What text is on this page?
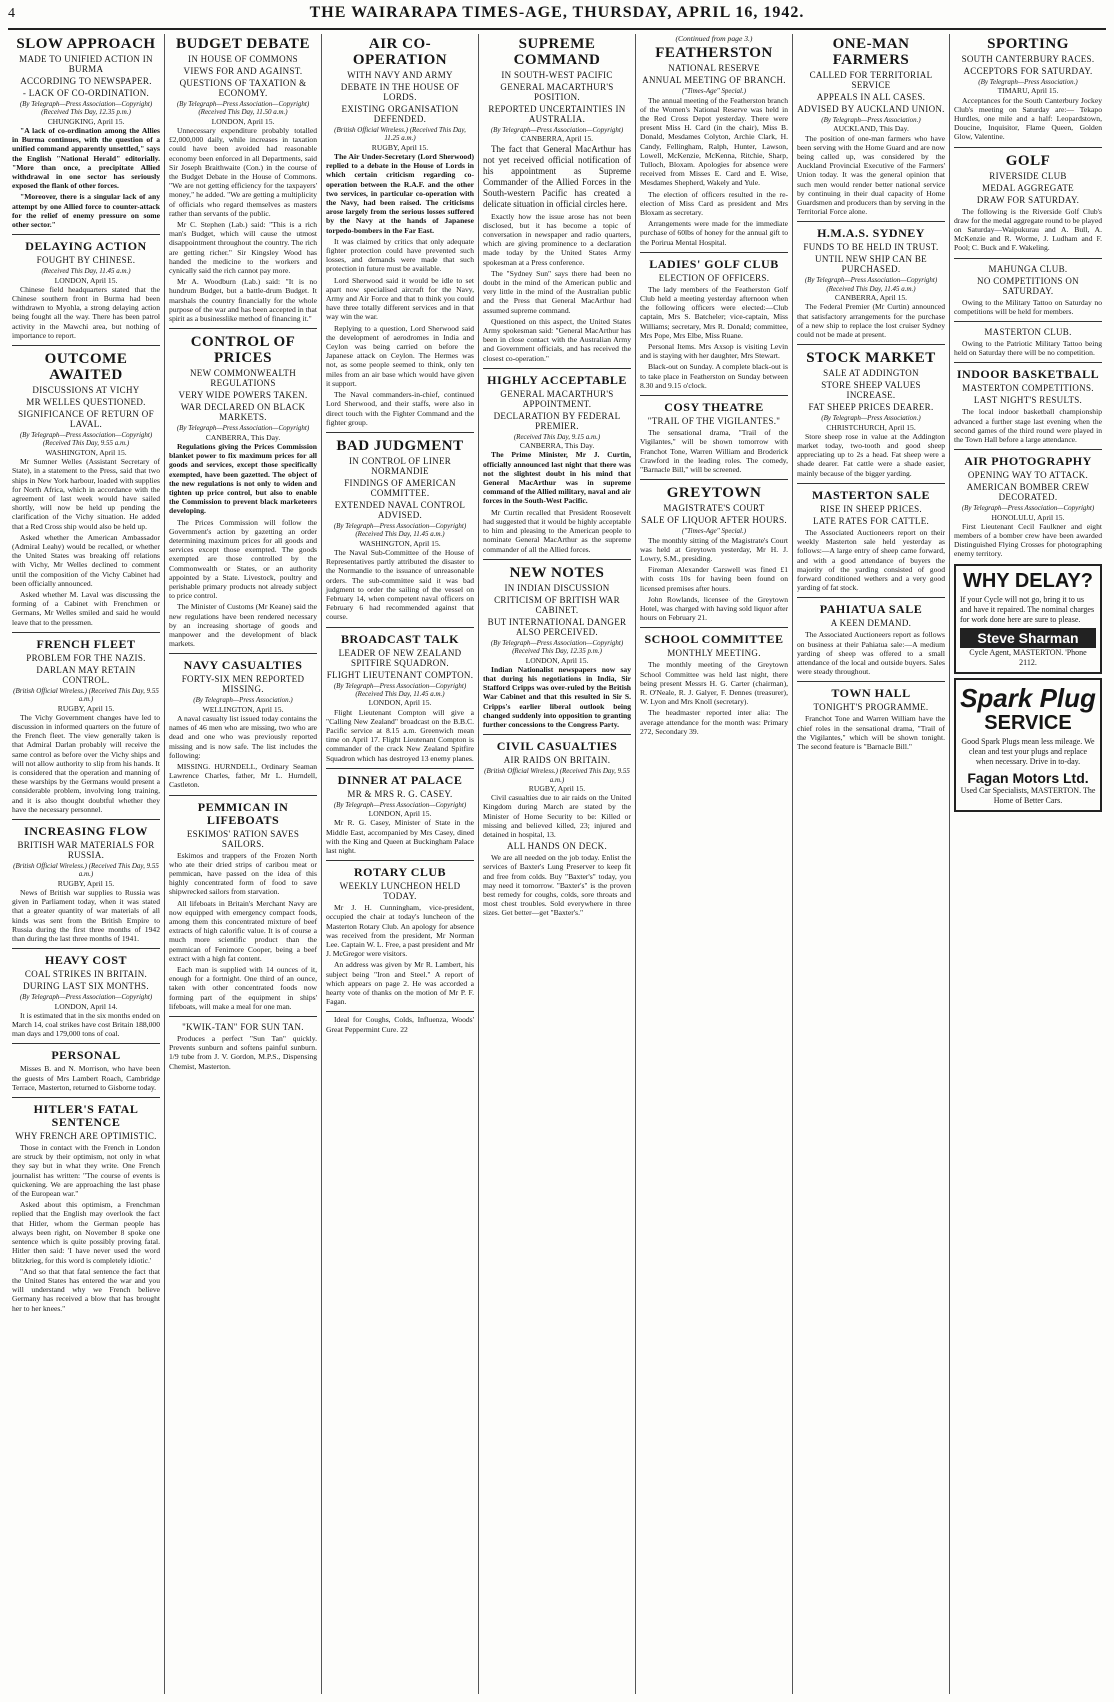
4	THE WAIRARAPA TIMES-AGE, THURSDAY, APRIL 16, 1942.
SLOW APPROACH
MADE TO UNIFIED ACTION IN BURMA
ACCORDING TO NEWSPAPER.
- LACK OF CO-ORDINATION.
(By Telegraph—Press Association—Copyright) (Received This Day, 12.35 p.m.)
CHUNGKING, April 15.

"A lack of co-ordination among the Allies in Burma continues, with the question of a unified command apparently unsettled," says the English "National Herald" editorially. "More than once, a precipitate Allied withdrawal in one sector has seriously exposed the flank of other forces.

"Moreover, there is a singular lack of any attempt by one Allied force to counter-attack for the relief of enemy pressure on some other sector."

DELAYING ACTION
FOUGHT BY CHINESE.
(Received This Day, 11.45 a.m.)
LONDON, April 15.

Chinese field headquarters stated that the Chinese southern front in Burma had been withdrawn to Myohla, a strong delaying action being fought all the way. There has been patrol activity in the Mawchi area, but nothing of importance to report.

OUTCOME AWAITED
DISCUSSIONS AT VICHY
MR WELLES QUESTIONED.
SIGNIFICANCE OF RETURN OF LAVAL.
(By Telegraph—Press Association—Copyright) (Received This Day, 9.55 a.m.)
WASHINGTON, April 15.

Mr Sumner Welles (Assistant Secretary of State), in a statement to the Press, said that two ships in New York harbour, loaded with supplies for North Africa, which in accordance with the agreement of last week would have sailed shortly, will now be held up pending the clarification of the Vichy situation. He added that a Red Cross ship would also be held up.

Asked whether the American Ambassador (Admiral Leahy) would be recalled, or whether the United States was breaking off relations with Vichy, Mr Welles declined to comment until the composition of the Vichy Cabinet had been officially announced.

Asked whether M. Laval was discussing the forming of a Cabinet with Frenchmen or Germans, Mr Welles smiled and said he would leave that to the pressmen.

FRENCH FLEET
PROBLEM FOR THE NAZIS.
DARLAN MAY RETAIN CONTROL.
(British Official Wireless.) (Received This Day, 9.55 a.m.)
RUGBY, April 15.

The Vichy Government changes have led to discussion in informed quarters on the future of the French fleet. The view generally taken is that Admiral Darlan probably will receive the same control as before over the Vichy ships and will not allow authority to slip from his hands. It is considered that the operation and manning of these warships by the Germans would present a considerable problem, involving long training, and it is also thought doubtful whether they have the necessary personnel.

INCREASING FLOW
BRITISH WAR MATERIALS FOR RUSSIA.
(British Official Wireless.) (Received This Day, 9.55 a.m.)
RUGBY, April 15.

News of British war supplies to Russia was given in Parliament today, when it was stated that a greater quantity of war materials of all kinds was sent from the British Empire to Russia during the first three months of 1942 than during the last three months of 1941.

HEAVY COST
COAL STRIKES IN BRITAIN.
DURING LAST SIX MONTHS.
(By Telegraph—Press Association—Copyright)
LONDON, April 14.

It is estimated that in the six months ended on March 14, coal strikes have cost Britain 188,000 man days and 179,000 tons of coal.

PERSONAL

Misses B. and N. Morrison, who have been the guests of Mrs Lambert Roach, Cambridge Terrace, Masterton, returned to Gisborne today.

HITLER'S FATAL SENTENCE
WHY FRENCH ARE OPTIMISTIC.

Those in contact with the French in London are struck by their optimism, not only in what they say but in what they write. One French journalist has written: "The course of events is quickening. We are approaching the last phase of the European war."

Asked about this optimism, a Frenchman replied that the English may overlook the fact that Hitler, whom the German people has always been right, on November 8 spoke one sentence which is quite possibly proving fatal. Hitler then said: 'I have never used the word blitzkrieg, for this word is completely idiotic.'

"And so that that fatal sentence the fact that the United States has entered the war and you will understand why we French believe Germany has received a blow that has brought her to her knees."

BUDGET DEBATE
IN HOUSE OF COMMONS
VIEWS FOR AND AGAINST.
QUESTIONS OF TAXATION & ECONOMY.
(By Telegraph—Press Association—Copyright) (Received This Day, 11.50 a.m.)
LONDON, April 15.

Unnecessary expenditure probably totalled £2,000,000 daily, while increases in taxation could have been avoided had reasonable economy been enforced in all Departments, said Sir Joseph Braithwaite (Con.) in the course of the Budget Debate in the House of Commons. "We are not getting efficiency for the taxpayers' money," he added. "We are getting a multiplicity of officials who regard themselves as masters rather than servants of the public.

Mr C. Stephen (Lab.) said: "This is a rich man's Budget, which will cause the utmost disappointment throughout the country. The rich are getting richer." Sir Kingsley Wood has handed the medicine to the workers and cynically said the rich cannot pay more.

Mr A. Woodburn (Lab.) said: "It is no hundrum Budget, but a battle-drum Budget. It marshals the country financially for the whole purpose of the war and has been accepted in that spirit as a businesslike method of financing it."

CONTROL OF PRICES
NEW COMMONWEALTH REGULATIONS
VERY WIDE POWERS TAKEN.
WAR DECLARED ON BLACK MARKETS.
(By Telegraph—Press Association—Copyright)
CANBERRA, This Day.

Regulations giving the Prices Commission blanket power to fix maximum prices for all goods and services, except those specifically exempted, have been gazetted. The object of the new regulations is not only to widen and tighten up price control, but also to enable the Commission to prevent black marketeers developing.

The Prices Commission will follow the Government's action by gazetting an order determining maximum prices for all goods and services except those exempted. The goods exempted are those controlled by the Commonwealth or States, or an authority appointed by a State. Livestock, poultry and perishable primary products not already subject to price control.

The Minister of Customs (Mr Keane) said the new regulations have been rendered necessary by an increasing shortage of goods and manpower and the development of black markets.

NAVY CASUALTIES
FORTY-SIX MEN REPORTED MISSING.
(By Telegraph—Press Association.)
WELLINGTON, April 15.

A naval casualty list issued today contains the names of 46 men who are missing, two who are dead and one who was previously reported missing and is now safe. The list includes the following:

MISSING. HURNDELL, Ordinary Seaman Lawrence Charles, father, Mr L. Hurndell, Castleton.

PEMMICAN IN LIFEBOATS
ESKIMOS' RATION SAVES SAILORS.

Eskimos and trappers of the Frozen North who ate their dried strips of caribou meat or pemmican, have passed on the idea of this highly concentrated form of food to save shipwrecked sailors from starvation.

All lifeboats in Britain's Merchant Navy are now equipped with emergency compact foods, among them this concentrated mixture of beef extracts of high calorific value. It is of course a much more scientific product than the pemmican of Fenimore Cooper, being a beef extract with a high fat content.

Each man is supplied with 14 ounces of it, enough for a fortnight. One third of an ounce, taken with other concentrated foods now forming part of the equipment in ships' lifeboats, will make a meal for one man.

"KWIK-TAN" FOR SUN TAN.

Produces a perfect "Sun Tan" quickly. Prevents sunburn and softens painful sunburn. 1/9 tube from J. V. Gordon, M.P.S., Dispensing Chemist, Masterton.

AIR CO-OPERATION
WITH NAVY AND ARMY
DEBATE IN THE HOUSE OF LORDS.
EXISTING ORGANISATION DEFENDED.
(British Official Wireless.) (Received This Day, 11.25 a.m.)
RUGBY, April 15.

The Air Under-Secretary (Lord Sherwood) replied to a debate in the House of Lords in which certain criticism regarding co-operation between the R.A.F. and the other two services, in particular co-operation with the Navy, had been raised. The criticisms arose largely from the serious losses suffered by the Navy at the hands of Japanese torpedo-bombers in the Far East.

It was claimed by critics that only adequate fighter protection could have prevented such losses, and demands were made that such protection in future must be available.

Lord Sherwood said it would be idle to set apart now specialised aircraft for the Navy, Army and Air Force and that to think you could have three totally different services and in that way win the war.

Replying to a question, Lord Sherwood said the development of aerodromes in India and Ceylon was being carried on before the Japanese attack on Ceylon. The Hermes was not, as some people seemed to think, only ten miles from an air base which would have given it support.

The Naval commanders-in-chief, continued Lord Sherwood, and their staffs, were also in direct touch with the Fighter Command and the fighter group.

BAD JUDGMENT
IN CONTROL OF LINER NORMANDIE
FINDINGS OF AMERICAN COMMITTEE.
EXTENDED NAVAL CONTROL ADVISED.
(By Telegraph—Press Association—Copyright) (Received This Day, 11.45 a.m.)
WASHINGTON, April 15.

The Naval Sub-Committee of the House of Representatives partly attributed the disaster to the Normandie to the issuance of unreasonable orders. The sub-committee said it was bad judgment to order the sailing of the vessel on February 14, when competent naval officers on February 6 had recommended against that course.

BROADCAST TALK
LEADER OF NEW ZEALAND SPITFIRE SQUADRON.
FLIGHT LIEUTENANT COMPTON.
(By Telegraph—Press Association—Copyright) (Received This Day, 11.45 a.m.)
LONDON, April 15.

Flight Lieutenant Compton will give a "Calling New Zealand" broadcast on the B.B.C. Pacific service at 8.15 a.m. Greenwich mean time on April 17. Flight Lieutenant Compton is commander of the crack New Zealand Spitfire Squadron which has destroyed 13 enemy planes.

DINNER AT PALACE
MR & MRS R. G. CASEY.
(By Telegraph—Press Association—Copyright)
LONDON, April 15.

Mr R. G. Casey, Minister of State in the Middle East, accompanied by Mrs Casey, dined with the King and Queen at Buckingham Palace last night.

ROTARY CLUB
WEEKLY LUNCHEON HELD TODAY.

Mr J. H. Cunningham, vice-president, occupied the chair at today's luncheon of the Masterton Rotary Club. An apology for absence was received from the president, Mr Norman Lee. Captain W. L. Free, a past president and Mr J. McGregor were visitors.

An address was given by Mr R. Lambert, his subject being "Iron and Steel." A report of which appears on page 2. He was accorded a hearty vote of thanks on the motion of Mr P. F. Fagan.

Ideal for Coughs, Colds, Influenza, Woods' Great Peppermint Cure. 22

SUPREME COMMAND
IN SOUTH-WEST PACIFIC
GENERAL MACARTHUR'S POSITION.
REPORTED UNCERTAINTIES IN AUSTRALIA.
(By Telegraph—Press Association—Copyright)
CANBERRA, April 15.

The fact that General MacArthur has not yet received official notification of his appointment as Supreme Commander of the Allied Forces in the South-western Pacific has created a delicate situation in official circles here.

Exactly how the issue arose has not been disclosed, but it has become a topic of conversation in newspaper and radio quarters, which are giving prominence to a declaration made today by the United States Army spokesman at a Press conference.

The "Sydney Sun" says there had been no doubt in the mind of the American public and very little in the mind of the Australian public and the Press that General MacArthur had assumed supreme command.

Questioned on this aspect, the United States Army spokesman said: "General MacArthur has been in close contact with the Australian Army and Government officials, and has received the closest co-operation."

HIGHLY ACCEPTABLE
GENERAL MACARTHUR'S APPOINTMENT.
DECLARATION BY FEDERAL PREMIER.
(Received This Day, 9.15 a.m.)
CANBERRA, This Day.

The Prime Minister, Mr J. Curtin, officially announced last night that there was not the slightest doubt in his mind that General MacArthur was in supreme command of the Allied military, naval and air forces in the South-West Pacific.

Mr Curtin recalled that President Roosevelt had suggested that it would be highly acceptable to him and pleasing to the American people to nominate General MacArthur as the supreme commander of all the Allied forces.

NEW NOTES
IN INDIAN DISCUSSION
CRITICISM OF BRITISH WAR CABINET.
BUT INTERNATIONAL DANGER ALSO PERCEIVED.
(By Telegraph—Press Association—Copyright) (Received This Day, 12.35 p.m.)
LONDON, April 15.

Indian Nationalist newspapers now say that during his negotiations in India, Sir Stafford Cripps was over-ruled by the British War Cabinet and that this resulted in Sir S. Cripps's earlier liberal outlook being changed suddenly into opposition to granting further concessions to the Congress Party.

CIVIL CASUALTIES
AIR RAIDS ON BRITAIN.
(British Official Wireless.) (Received This Day, 9.55 a.m.)
RUGBY, April 15.

Civil casualties due to air raids on the United Kingdom during March are stated by the Minister of Home Security to be: Killed or missing and believed killed, 23; injured and detained in hospital, 13.

ALL HANDS ON DECK.

We are all needed on the job today. Enlist the services of Baxter's Lung Preserver to keep fit and free from colds. Buy "Baxter's" today, you may need it tomorrow. "Baxter's" is the proven best remedy for coughs, colds, sore throats and most chest troubles. Sold everywhere in three sizes. Get better—get "Baxter's."

(Continued from page 3.)
FEATHERSTON
NATIONAL RESERVE
ANNUAL MEETING OF BRANCH.
("Times-Age" Special.)

The annual meeting of the Featherston branch of the Women's National Reserve was held in the Red Cross Depot yesterday. There were present Miss H. Card (in the chair), Miss B. Donald, Mesdames Colyton, Archie Clark, H. Candy, Fellingham, Ralph, Hunter, Lawson, Lowell, McKenzie, McKenna, Ritchie, Sharp, Tulloch, Bloxam. Apologies for absence were received from Misses E. Card and E. Wise, Mesdames Shepherd, Wakely and Yule.

The election of officers resulted in the re-election of Miss Card as president and Mrs Bloxam as secretary.

Arrangements were made for the immediate purchase of 60lbs of honey for the annual gift to the Porirua Mental Hospital.

LADIES' GOLF CLUB
ELECTION OF OFFICERS.

The lady members of the Featherston Golf Club held a meeting yesterday afternoon when the following officers were elected:—Club captain, Mrs S. Batcheler; vice-captain, Miss Williams; secretary, Mrs R. Donald; committee, Mrs Pope, Mrs Elbe, Miss Ruane.

Personal Items. Mrs Axsop is visiting Levin and is staying with her daughter, Mrs Stewart.

Black-out on Sunday. A complete black-out is to take place in Featherston on Sunday between 8.30 and 9.15 o'clock.

COSY THEATRE
"TRAIL OF THE VIGILANTES."

The sensational drama, "Trail of the Vigilantes," will be shown tomorrow with Franchot Tone, Warren William and Broderick Crawford in the leading roles. The comedy, "Barnacle Bill," will be screened.

GREYTOWN
MAGISTRATE'S COURT
SALE OF LIQUOR AFTER HOURS.
("Times-Age" Special.)

The monthly sitting of the Magistrate's Court was held at Greytown yesterday, Mr H. J. Lowry, S.M., presiding.

Fireman Alexander Carswell was fined £1 with costs 10s for having been found on licensed premises after hours.

John Rowlands, licensee of the Greytown Hotel, was charged with having sold liquor after hours on February 21.

SCHOOL COMMITTEE
MONTHLY MEETING.

The monthly meeting of the Greytown School Committee was held last night, there being present Messrs H. G. Carter (chairman), R. O'Neale, R. J. Galyer, F. Dennes (treasurer), W. Lyon and Mrs Knoll (secretary).

The headmaster reported inter alia: The average attendance for the month was: Primary 272, Secondary 39.

ONE-MAN FARMERS
CALLED FOR TERRITORIAL SERVICE
APPEALS IN ALL CASES.
ADVISED BY AUCKLAND UNION.
(By Telegraph—Press Association.)
AUCKLAND, This Day.

The position of one-man farmers who have been serving with the Home Guard and are now being called up, was considered by the Auckland Provincial Executive of the Farmers' Union today. It was the general opinion that such men would render better national service by continuing in their dual capacity of Home Guardsmen and producers than by serving in the Territorial Force alone.

H.M.A.S. SYDNEY
FUNDS TO BE HELD IN TRUST.
UNTIL NEW SHIP CAN BE PURCHASED.
(By Telegraph—Press Association—Copyright) (Received This Day, 11.45 a.m.)
CANBERRA, April 15.

The Federal Premier (Mr Curtin) announced that satisfactory arrangements for the purchase of a new ship to replace the lost cruiser Sydney could not be made at present.

STOCK MARKET
SALE AT ADDINGTON
STORE SHEEP VALUES INCREASE.
FAT SHEEP PRICES DEARER.
(By Telegraph—Press Association.)
CHRISTCHURCH, April 15.

Store sheep rose in value at the Addington market today, two-tooth and good sheep appreciating up to 2s a head. Fat sheep were a shade dearer. Fat cattle were a shade easier, mainly because of the bigger yarding.

MASTERTON SALE
RISE IN SHEEP PRICES.
LATE RATES FOR CATTLE.

The Associated Auctioneers report on their weekly Masterton sale held yesterday as follows:—A large entry of sheep came forward, and with a good attendance of buyers the majority of the yarding consisted of good forward conditioned wethers and a very good yarding of fat stock.

PAHIATUA SALE
A KEEN DEMAND.

The Associated Auctioneers report as follows on business at their Pahiatua sale:—A medium yarding of sheep was offered to a small attendance of the local and outside buyers. Sales were steady throughout.

TOWN HALL
TONIGHT'S PROGRAMME.

Franchot Tone and Warren William have the chief roles in the sensational drama, "Trail of the Vigilantes," which will be shown tonight. The second feature is "Barnacle Bill."

SPORTING
SOUTH CANTERBURY RACES.
ACCEPTORS FOR SATURDAY.
(By Telegraph—Press Association.)
TIMARU, April 15.

Acceptances for the South Canterbury Jockey Club's meeting on Saturday are:— Tekapo Hurdles, one mile and a half: Leopardstown, Doucine, Inquisitor, Flame Queen, Golden Glow, Valentine.

GOLF
RIVERSIDE CLUB
MEDAL AGGREGATE
DRAW FOR SATURDAY.

The following is the Riverside Golf Club's draw for the medal aggregate round to be played on Saturday—Waipukurau and A. Bull, A. McKenzie and R. Worme, J. Ludham and F. Pool; C. Buck and F. Wakeling.

MAHUNGA CLUB.
NO COMPETITIONS ON SATURDAY.

Owing to the Military Tattoo on Saturday no competitions will be held for members.

MASTERTON CLUB.

Owing to the Patriotic Military Tattoo being held on Saturday there will be no competition.

INDOOR BASKETBALL
MASTERTON COMPETITIONS.
LAST NIGHT'S RESULTS.

The local indoor basketball championship advanced a further stage last evening when the second games of the third round were played in the Town Hall before a large attendance.

AIR PHOTOGRAPHY
OPENING WAY TO ATTACK.
AMERICAN BOMBER CREW DECORATED.
(By Telegraph—Press Association—Copyright)
HONOLULU, April 15.

First Lieutenant Cecil Faulkner and eight members of a bomber crew have been awarded Distinguished Flying Crosses for photographing enemy territory.

WHY DELAY?
If your Cycle will not go, bring it to us and have it repaired. The nominal charges for work done here are sure to please.
Steve Sharman
Cycle Agent, MASTERTON. 'Phone 2112.
Spark Plug
SERVICE
Good Spark Plugs mean less mileage. We clean and test your plugs and replace when necessary. Drive in to-day.
Fagan Motors Ltd.
Used Car Specialists, MASTERTON. The Home of Better Cars.
